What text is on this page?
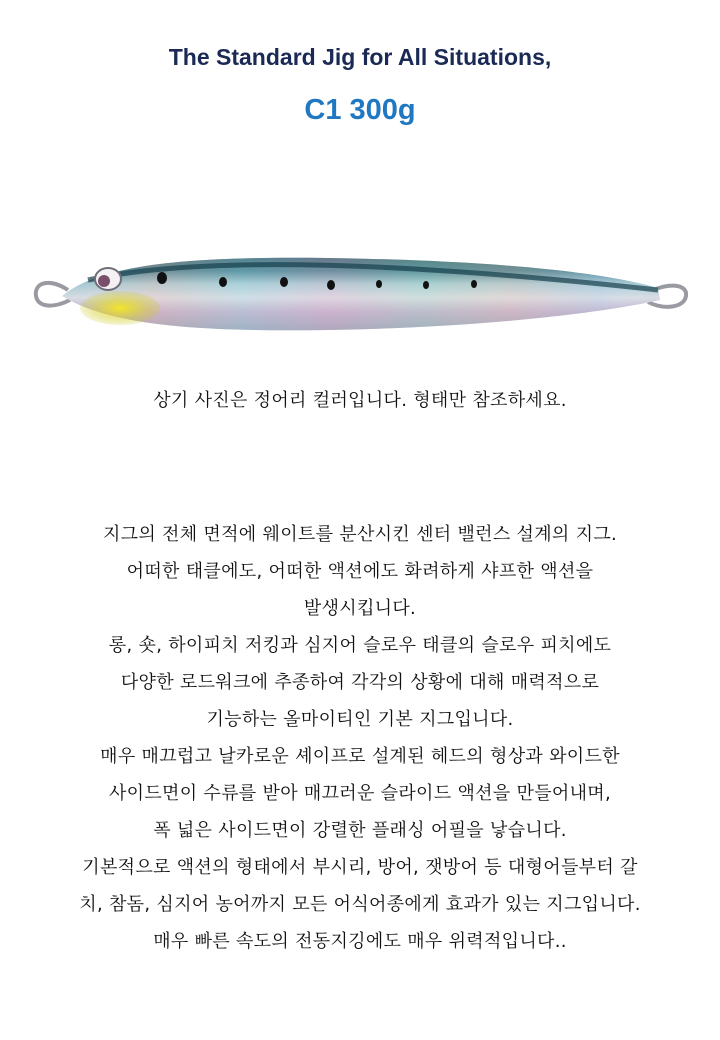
The Standard Jig for All Situations,
C1 300g
상기 사진은 정어리 컬러입니다. 형태만 참조하세요.
지그의 전체 면적에 웨이트를 분산시킨 센터 밸런스 설계의 지그.
어떠한 태클에도, 어떠한 액션에도 화려하게 샤프한 액션을
발생시킵니다.
롱, 숏, 하이피치 저킹과 심지어 슬로우 태클의 슬로우 피치에도
다양한 로드워크에 추종하여 각각의 상황에 대해 매력적으로
기능하는 올마이티인 기본 지그입니다.
매우 매끄럽고 날카로운 셰이프로 설계된 헤드의 형상과 와이드한
사이드면이 수류를 받아 매끄러운 슬라이드 액션을 만들어내며,
폭 넓은 사이드면이 강렬한 플래싱 어필을 낳습니다.
기본적으로 액션의 형태에서 부시리, 방어, 잿방어 등 대형어들부터 갈
치, 참돔, 심지어 농어까지 모든 어식어종에게 효과가 있는 지그입니다.
매우 빠른 속도의 전동지깅에도 매우 위력적입니다..
